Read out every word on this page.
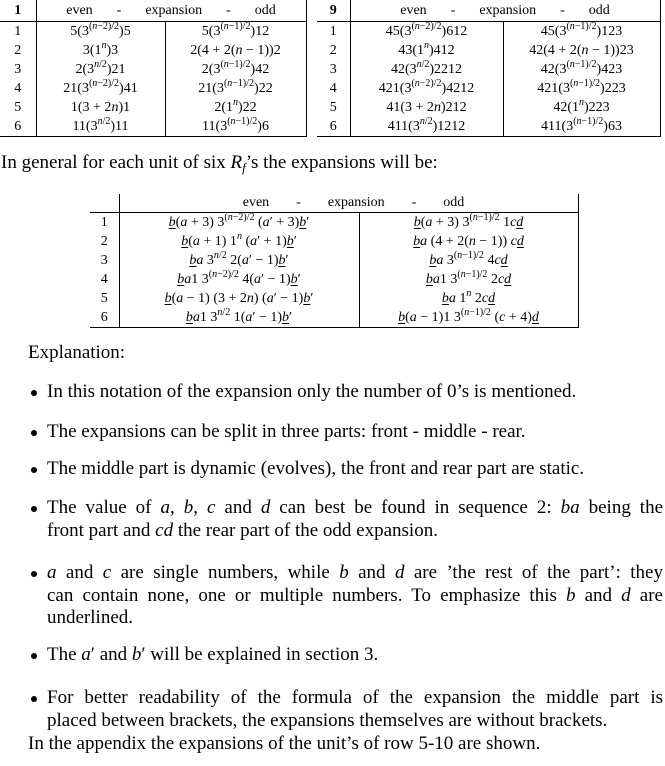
1	even - expansion - odd	

1	$5(3^{(n-2)/2})5$	$5(3^{(n-1)/2})12$
2	3(1$^n$)3	2(4 + 2(n − 1))2
3	$2(3^{n/2})21$	$2(3^{(n-1)/2})42$
4	$21(3^{(n-2)/2})41$	$21(3^{(n-1)/2})22$
5	1(3 + 2n)1	2(1$^n$)22
6	$11(3^{n/2})11$	$11(3^{(n-1)/2})6$
9	even - expansion - odd	

1	$45(3^{(n-2)/2})612$	$45(3^{(n-1)/2})123$
2	43(1$^n$)412	42(4 + 2(n − 1))23
3	$42(3^{n/2})2212$	$42(3^{(n-1)/2})423$
4	$421(3^{(n-2)/2})4212$	$421(3^{(n-1)/2})223$
5	41(3 + 2n)212	42(1$^n$)223
6	$411(3^{n/2})1212$	$411(3^{(n-1)/2})63$
In general for each unit of six $R_f’s$ the expansions will be:

	even - expansion - odd	

1	b(a + 3) $3^{(n-2)/2}$ (a′ + 3)b′	b(a + 3) $3^{(n-1)/2}$ 1cd
2	b(a + 1) 1$^n$ (a′ + 1)b′	ba (4 + 2(n − 1)) cd
3	ba $3^{n/2}$ 2(a′ − 1)b′	ba $3^{(n-1)/2}$ 4cd
4	ba1 $3^{(n-2)/2}$ 4(a′ − 1)b′	ba1 $3^{(n-1)/2}$ 2cd
5	b(a − 1) (3 + 2n) (a′ − 1)b′	ba 1$^n$ 2cd
6	ba1 $3^{n/2}$ 1(a′ − 1)b′	b(a − 1)1 $3^{(n-1)/2}$ (c + 4)d
Explanation:
In this notation of the expansion only the number of 0’s is mentioned.
The expansions can be split in three parts: front - middle - rear.
The middle part is dynamic (evolves), the front and rear part are static.
The value of a, b, c and d can best be found in sequence 2: ba being the
front part and cd the rear part of the odd expansion.
a and c are single numbers, while b and d are ’the rest of the part’: they
can contain none, one or multiple numbers. To emphasize this b and d are
underlined.
The a′ and b′ will be explained in section 3.
For better readability of the formula of the expansion the middle part is
placed between brackets, the expansions themselves are without brackets.
In the appendix the expansions of the unit’s of row 5-10 are shown.
